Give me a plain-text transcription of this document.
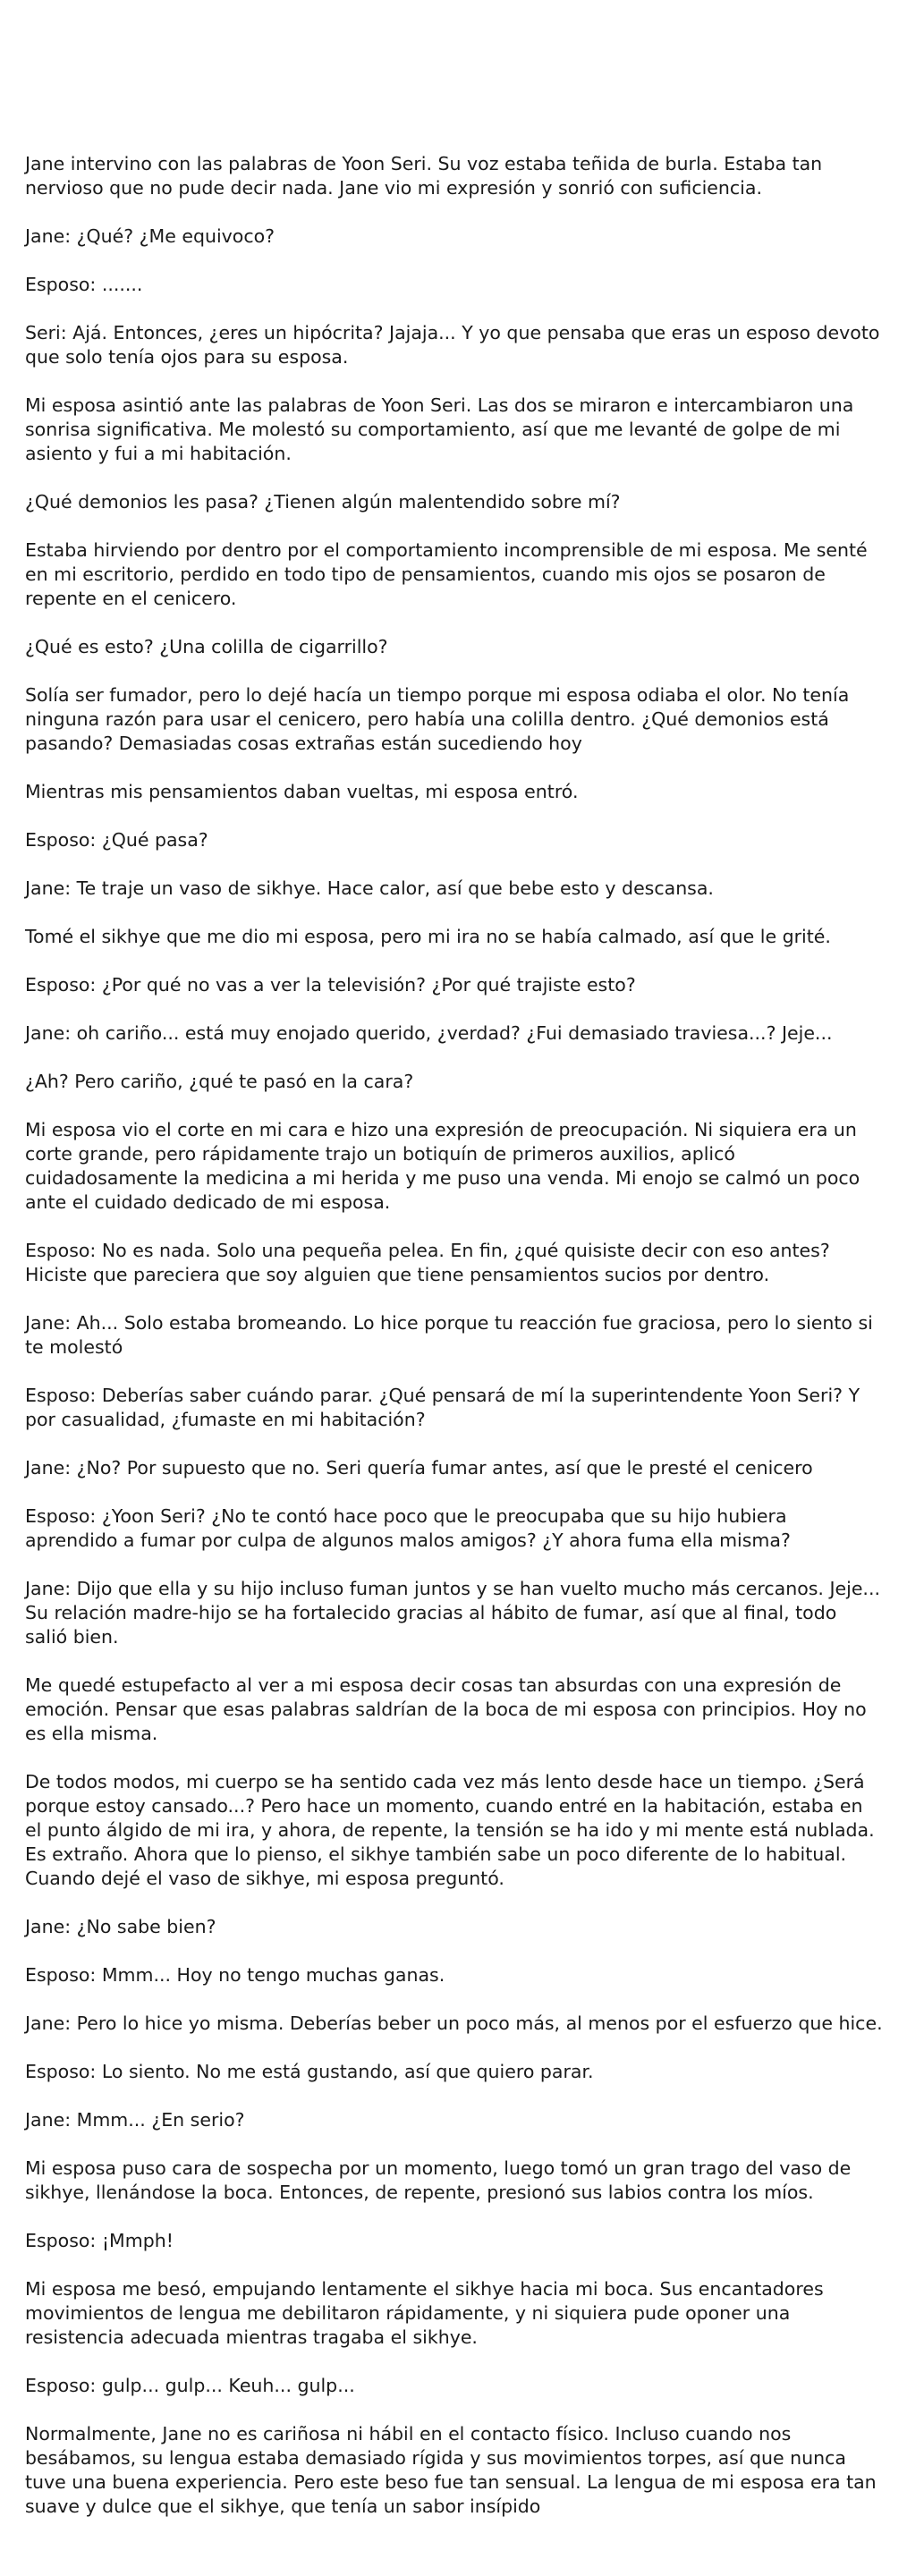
Jane intervino con las palabras de Yoon Seri. Su voz estaba teñida de burla. Estaba tan nervioso que no pude decir nada. Jane vio mi expresión y sonrió con suficiencia.

Jane: ¿Qué? ¿Me equivoco?

Esposo: .......

Seri: Ajá. Entonces, ¿eres un hipócrita? Jajaja... Y yo que pensaba que eras un esposo devoto que solo tenía ojos para su esposa.

Mi esposa asintió ante las palabras de Yoon Seri. Las dos se miraron e intercambiaron una sonrisa significativa. Me molestó su comportamiento, así que me levanté de golpe de mi asiento y fui a mi habitación.

¿Qué demonios les pasa? ¿Tienen algún malentendido sobre mí?

Estaba hirviendo por dentro por el comportamiento incomprensible de mi esposa. Me senté en mi escritorio, perdido en todo tipo de pensamientos, cuando mis ojos se posaron de repente en el cenicero.

¿Qué es esto? ¿Una colilla de cigarrillo?

Solía ser fumador, pero lo dejé hacía un tiempo porque mi esposa odiaba el olor. No tenía ninguna razón para usar el cenicero, pero había una colilla dentro. ¿Qué demonios está pasando? Demasiadas cosas extrañas están sucediendo hoy

Mientras mis pensamientos daban vueltas, mi esposa entró.

Esposo: ¿Qué pasa?

Jane: Te traje un vaso de sikhye. Hace calor, así que bebe esto y descansa.

Tomé el sikhye que me dio mi esposa, pero mi ira no se había calmado, así que le grité.

Esposo: ¿Por qué no vas a ver la televisión? ¿Por qué trajiste esto?

Jane: oh cariño... está muy enojado querido, ¿verdad? ¿Fui demasiado traviesa...? Jeje...

¿Ah? Pero cariño, ¿qué te pasó en la cara?

Mi esposa vio el corte en mi cara e hizo una expresión de preocupación. Ni siquiera era un corte grande, pero rápidamente trajo un botiquín de primeros auxilios, aplicó cuidadosamente la medicina a mi herida y me puso una venda. Mi enojo se calmó un poco ante el cuidado dedicado de mi esposa.

Esposo: No es nada. Solo una pequeña pelea. En fin, ¿qué quisiste decir con eso antes? Hiciste que pareciera que soy alguien que tiene pensamientos sucios por dentro.

Jane: Ah... Solo estaba bromeando. Lo hice porque tu reacción fue graciosa, pero lo siento si te molestó

Esposo: Deberías saber cuándo parar. ¿Qué pensará de mí la superintendente Yoon Seri? Y por casualidad, ¿fumaste en mi habitación?

Jane: ¿No? Por supuesto que no. Seri quería fumar antes, así que le presté el cenicero

Esposo: ¿Yoon Seri? ¿No te contó hace poco que le preocupaba que su hijo hubiera aprendido a fumar por culpa de algunos malos amigos? ¿Y ahora fuma ella misma?

Jane: Dijo que ella y su hijo incluso fuman juntos y se han vuelto mucho más cercanos. Jeje... Su relación madre-hijo se ha fortalecido gracias al hábito de fumar, así que al final, todo salió bien.

Me quedé estupefacto al ver a mi esposa decir cosas tan absurdas con una expresión de emoción. Pensar que esas palabras saldrían de la boca de mi esposa con principios. Hoy no es ella misma.

De todos modos, mi cuerpo se ha sentido cada vez más lento desde hace un tiempo. ¿Será porque estoy cansado...? Pero hace un momento, cuando entré en la habitación, estaba en el punto álgido de mi ira, y ahora, de repente, la tensión se ha ido y mi mente está nublada. Es extraño. Ahora que lo pienso, el sikhye también sabe un poco diferente de lo habitual. Cuando dejé el vaso de sikhye, mi esposa preguntó.

Jane: ¿No sabe bien?

Esposo: Mmm... Hoy no tengo muchas ganas.

Jane: Pero lo hice yo misma. Deberías beber un poco más, al menos por el esfuerzo que hice.

Esposo: Lo siento. No me está gustando, así que quiero parar.

Jane: Mmm... ¿En serio?

Mi esposa puso cara de sospecha por un momento, luego tomó un gran trago del vaso de sikhye, llenándose la boca. Entonces, de repente, presionó sus labios contra los míos.

Esposo: ¡Mmph!

Mi esposa me besó, empujando lentamente el sikhye hacia mi boca. Sus encantadores movimientos de lengua me debilitaron rápidamente, y ni siquiera pude oponer una resistencia adecuada mientras tragaba el sikhye.

Esposo: gulp... gulp... Keuh... gulp...

Normalmente, Jane no es cariñosa ni hábil en el contacto físico. Incluso cuando nos besábamos, su lengua estaba demasiado rígida y sus movimientos torpes, así que nunca tuve una buena experiencia. Pero este beso fue tan sensual. La lengua de mi esposa era tan suave y dulce que el sikhye, que tenía un sabor insípido
